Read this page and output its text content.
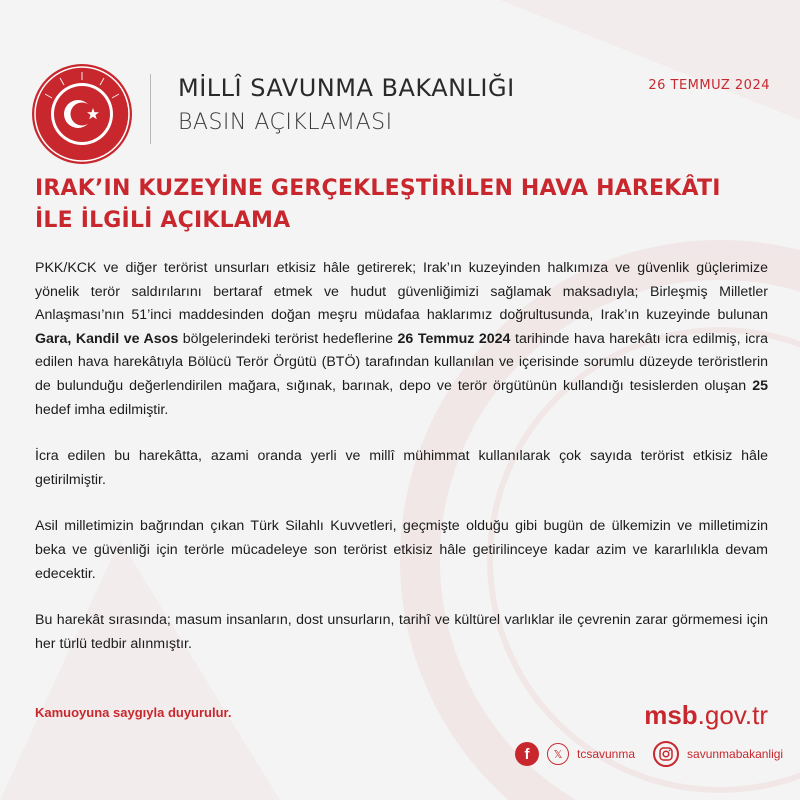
MİLLÎ SAVUNMA BAKANLIĞI
BASIN AÇIKLAMASI
26 TEMMUZ 2024
IRAK’IN KUZEYİNE GERÇEKLEŞTİRİLEN HAVA HAREKÂTI
İLE İLGİLİ AÇIKLAMA

PKK/KCK ve diğer terörist unsurları etkisiz hâle getirerek; Irak’ın kuzeyinden halkımıza ve güvenlik güçlerimize yönelik terör saldırılarını bertaraf etmek ve hudut güvenliğimizi sağlamak maksadıyla; Birleşmiş Milletler Anlaşması’nın 51’inci maddesinden doğan meşru müdafaa haklarımız doğrultusunda, Irak’ın kuzeyinde bulunan Gara, Kandil ve Asos bölgelerindeki terörist hedeflerine 26 Temmuz 2024 tarihinde hava harekâtı icra edilmiş, icra edilen hava harekâtıyla Bölücü Terör Örgütü (BTÖ) tarafından kullanılan ve içerisinde sorumlu düzeyde teröristlerin de bulunduğu değerlendirilen mağara, sığınak, barınak, depo ve terör örgütünün kullandığı tesislerden oluşan 25 hedef imha edilmiştir.

İcra edilen bu harekâtta, azami oranda yerli ve millî mühimmat kullanılarak çok sayıda terörist etkisiz hâle getirilmiştir.

Asil milletimizin bağrından çıkan Türk Silahlı Kuvvetleri, geçmişte olduğu gibi bugün de ülkemizin ve milletimizin beka ve güvenliği için terörle mücadeleye son terörist etkisiz hâle getirilinceye kadar azim ve kararlılıkla devam edecektir.

Bu harekât sırasında; masum insanların, dost unsurların, tarihî ve kültürel varlıklar ile çevrenin zarar görmemesi için her türlü tedbir alınmıştır.

Kamuoyuna saygıyla duyurulur.	msb.gov.tr
f	𝕏	tcsavunma	savunmabakanligi
